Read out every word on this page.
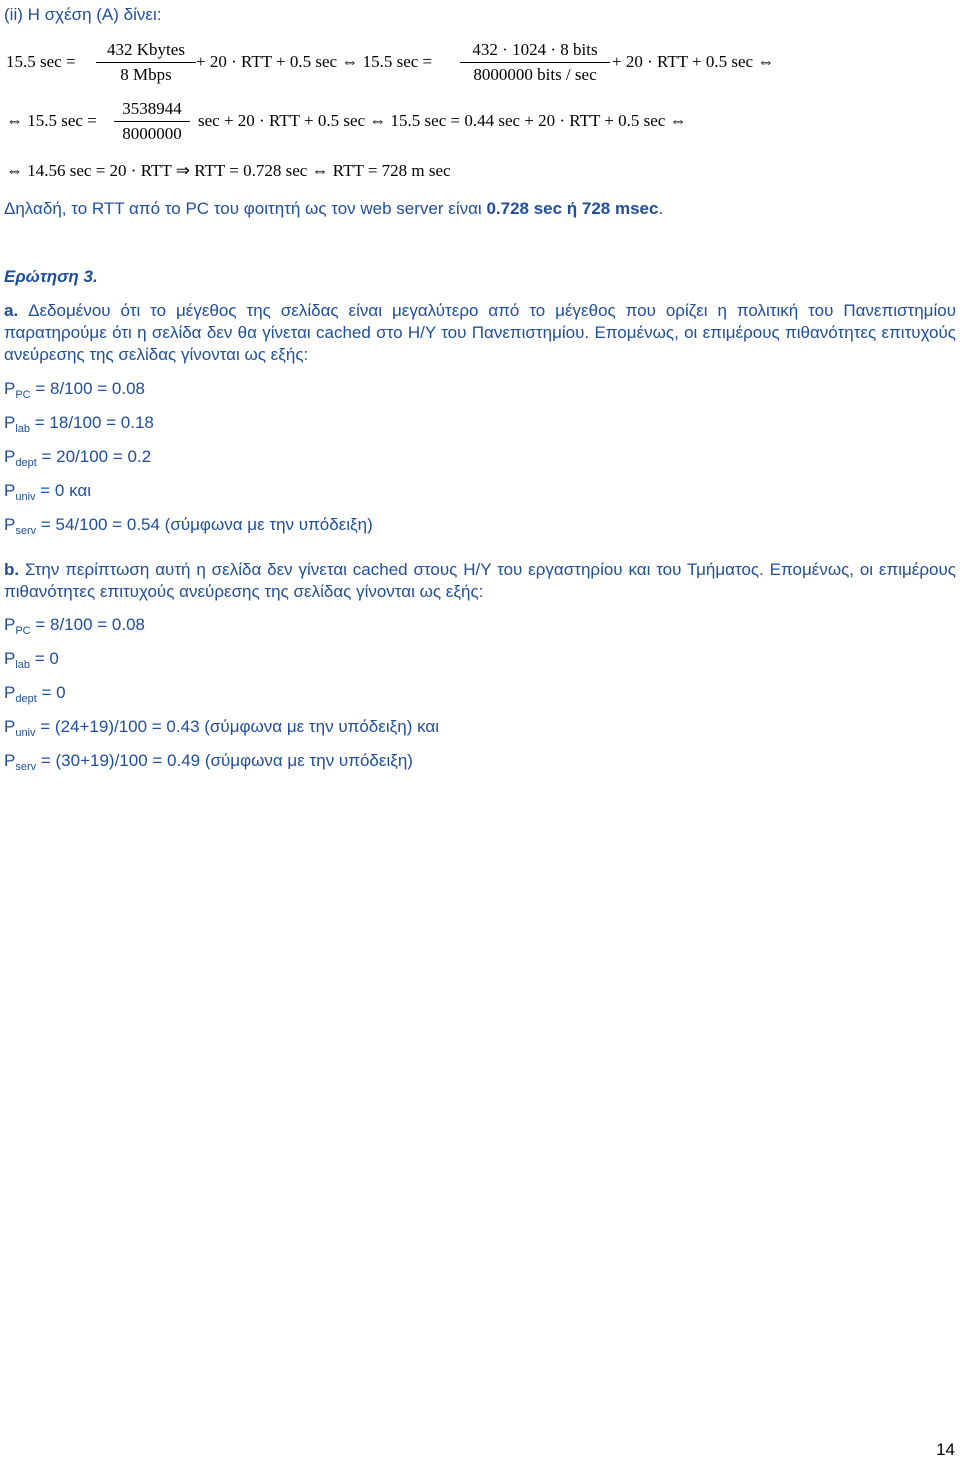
(ii) Η σχέση (Α) δίνει:

15.5 sec =
432 Kbytes
8 Mbps
+ 20 · RTT + 0.5 sec ⇔ 15.5 sec =
432 · 1024 · 8 bits
8000000 bits / sec
+ 20 · RTT + 0.5 sec ⇔
⇔ 15.5 $\sec = \frac{3538944}{8000000}$ sec + 20 · RTT + 0.5 sec ⇔ 15.5 sec = 0.44 sec + 20 · RTT + 0.5 sec ⇔
⇔ 14.56 sec = 20 · RTT ⇒ RTT = 0.728 sec ⇔ RTT = 728 m sec

Δηλαδή, το RTT από το PC του φοιτητή ως τον web server είναι 0.728 sec ή 728 msec.

Ερώτηση 3.

a. Δεδομένου ότι το μέγεθος της σελίδας είναι μεγαλύτερο από το μέγεθος που ορίζει η πολιτική του Πανεπιστημίου παρατηρούμε ότι η σελίδα δεν θα γίνεται cached στο Η/Υ του Πανεπιστημίου. Επομένως, οι επιμέρους πιθανότητες επιτυχούς ανεύρεσης της σελίδας γίνονται ως εξής:

$P_{PC} = 8/100 = 0.08$

$P_{lab} = 18/100 = 0.18$

$P_{dept} = 20/100 = 0.2$

$P_{univ} = 0$ και

$P_{serv} = 54/100 = 0.54$ (σύμφωνα με την υπόδειξη)

b. Στην περίπτωση αυτή η σελίδα δεν γίνεται cached στους Η/Υ του εργαστηρίου και του Τμήματος. Επομένως, οι επιμέρους πιθανότητες επιτυχούς ανεύρεσης της σελίδας γίνονται ως εξής:

$P_{PC} = 8/100 = 0.08$

$P_{lab} = 0$

$P_{dept} = 0$

$P_{univ} = (24+19)/100 = 0.43$ (σύμφωνα με την υπόδειξη) και

$P_{serv} = (30+19)/100 = 0.49$ (σύμφωνα με την υπόδειξη)

14
